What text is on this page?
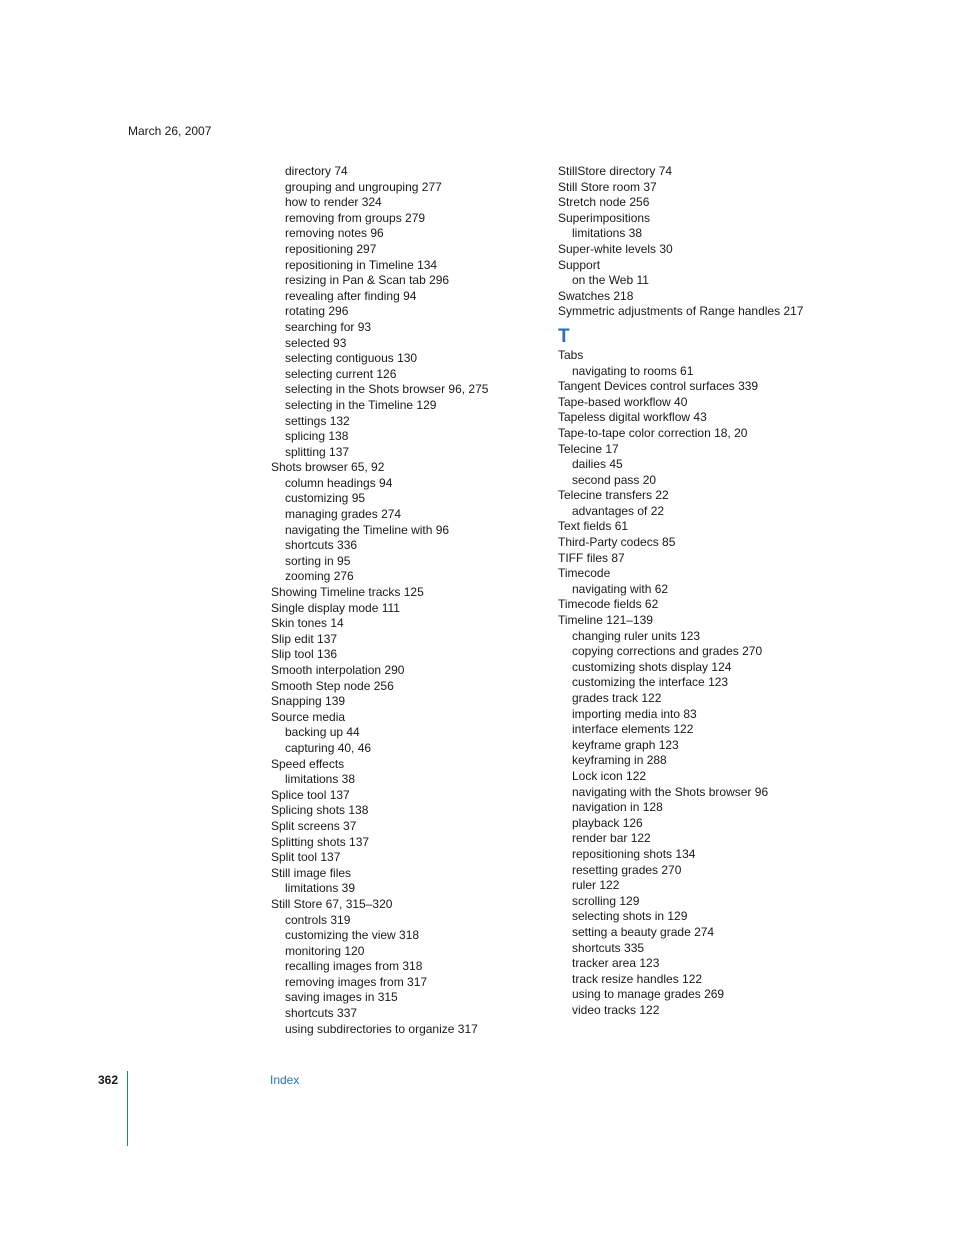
March 26, 2007
directory 74
grouping and ungrouping 277
how to render 324
removing from groups 279
removing notes 96
repositioning 297
repositioning in Timeline 134
resizing in Pan & Scan tab 296
revealing after finding 94
rotating 296
searching for 93
selected 93
selecting contiguous 130
selecting current 126
selecting in the Shots browser 96, 275
selecting in the Timeline 129
settings 132
splicing 138
splitting 137
Shots browser 65, 92
column headings 94
customizing 95
managing grades 274
navigating the Timeline with 96
shortcuts 336
sorting in 95
zooming 276
Showing Timeline tracks 125
Single display mode 111
Skin tones 14
Slip edit 137
Slip tool 136
Smooth interpolation 290
Smooth Step node 256
Snapping 139
Source media
backing up 44
capturing 40, 46
Speed effects
limitations 38
Splice tool 137
Splicing shots 138
Split screens 37
Splitting shots 137
Split tool 137
Still image files
limitations 39
Still Store 67, 315–320
controls 319
customizing the view 318
monitoring 120
recalling images from 318
removing images from 317
saving images in 315
shortcuts 337
using subdirectories to organize 317
StillStore directory 74
Still Store room 37
Stretch node 256
Superimpositions
limitations 38
Super-white levels 30
Support
on the Web 11
Swatches 218
Symmetric adjustments of Range handles 217
T
Tabs
navigating to rooms 61
Tangent Devices control surfaces 339
Tape-based workflow 40
Tapeless digital workflow 43
Tape-to-tape color correction 18, 20
Telecine 17
dailies 45
second pass 20
Telecine transfers 22
advantages of 22
Text fields 61
Third-Party codecs 85
TIFF files 87
Timecode
navigating with 62
Timecode fields 62
Timeline 121–139
changing ruler units 123
copying corrections and grades 270
customizing shots display 124
customizing the interface 123
grades track 122
importing media into 83
interface elements 122
keyframe graph 123
keyframing in 288
Lock icon 122
navigating with the Shots browser 96
navigation in 128
playback 126
render bar 122
repositioning shots 134
resetting grades 270
ruler 122
scrolling 129
selecting shots in 129
setting a beauty grade 274
shortcuts 335
tracker area 123
track resize handles 122
using to manage grades 269
video tracks 122
362	Index
